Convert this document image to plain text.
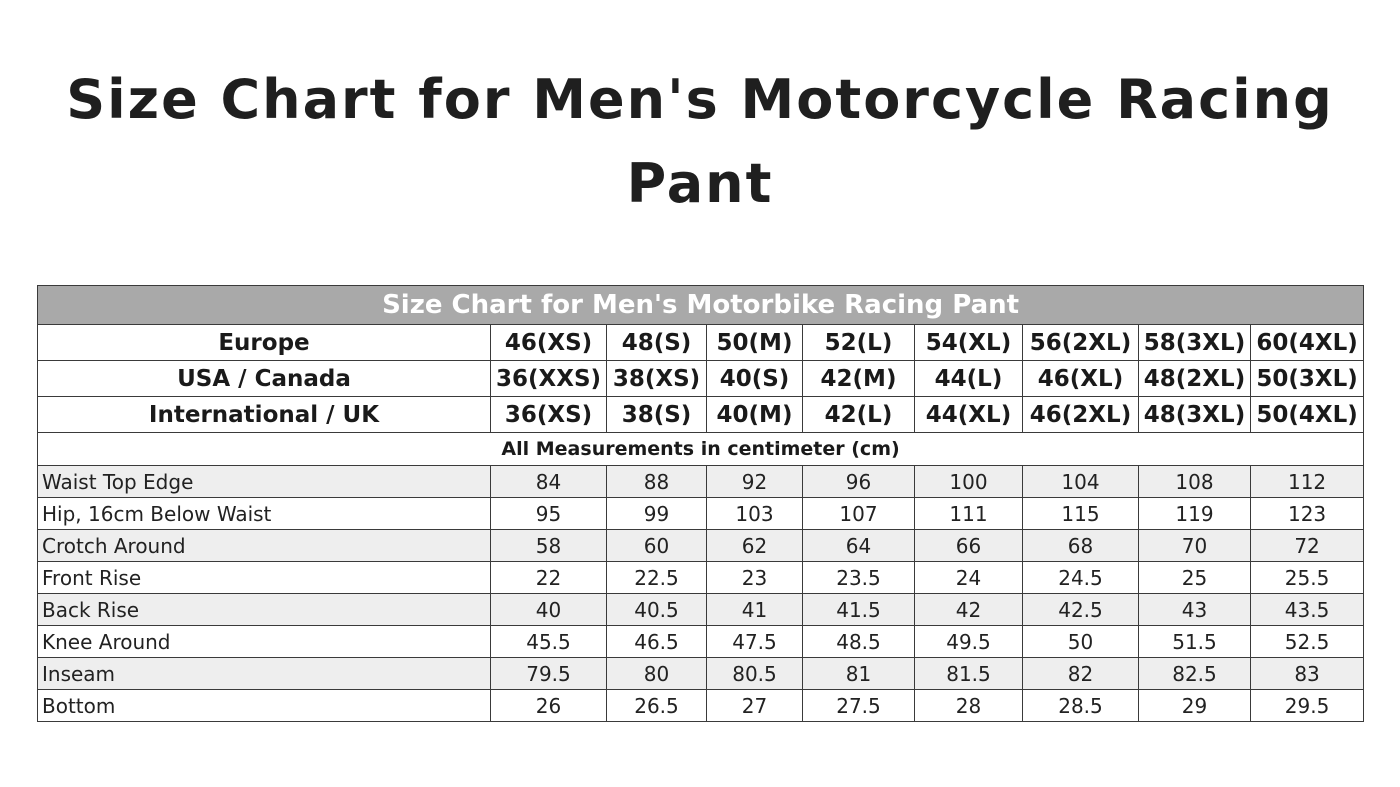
Size Chart for Men's Motorcycle Racing Pant
Size Chart for Men's Motorbike Racing Pant								
Europe	46(XS)	48(S)	50(M)	52(L)	54(XL)	56(2XL)	58(3XL)	60(4XL)
USA / Canada	36(XXS)	38(XS)	40(S)	42(M)	44(L)	46(XL)	48(2XL)	50(3XL)
International / UK	36(XS)	38(S)	40(M)	42(L)	44(XL)	46(2XL)	48(3XL)	50(4XL)
All Measurements in centimeter (cm)								
Waist Top Edge	84	88	92	96	100	104	108	112
Hip, 16cm Below Waist	95	99	103	107	111	115	119	123
Crotch Around	58	60	62	64	66	68	70	72
Front Rise	22	22.5	23	23.5	24	24.5	25	25.5
Back Rise	40	40.5	41	41.5	42	42.5	43	43.5
Knee Around	45.5	46.5	47.5	48.5	49.5	50	51.5	52.5
Inseam	79.5	80	80.5	81	81.5	82	82.5	83
Bottom	26	26.5	27	27.5	28	28.5	29	29.5
